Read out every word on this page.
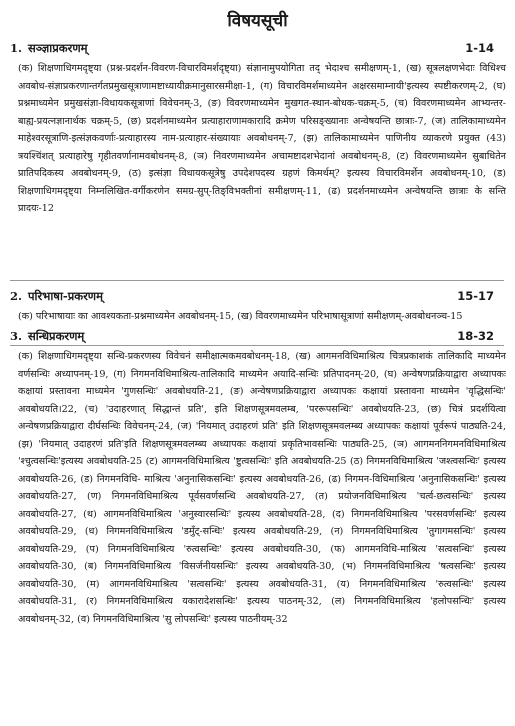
विषयसूची
1. सञ्ज्ञाप्रकरणम्	1-14
(क) शिक्षणाधिगमदृष्ट्या (प्रश्न-प्रदर्शन-विवरण-विचारविमर्शदृष्ट्या) संज्ञानामुपयोगिता तद् भेदाश्च समीक्षणम्-1, (ख) सूत्रलक्षणभेदाः विधिश्च अवबोध-संज्ञाप्रकरणान्तर्गतप्रमुखसूत्राणामष्टाध्यायीक्रमानुसारसमीक्षा-1, (ग) विचारविमर्शमाध्यमेन अक्षरसमाम्नायी'इत्यस्य स्पष्टीकरणम्-2, (घ) प्रश्नमाध्यमेन प्रमुखसंज्ञा-विधायकसूत्राणां विवेचनम्-3, (ङ) विवरणमाध्यमेन मुखगत-स्थान-बोधक-चक्रम्-5, (च) विवरणमाध्यमेन आभ्यन्तर-बाह्य-प्रयत्नज्ञानार्थक चक्रम्-5, (छ) प्रदर्शनमाध्यमेन प्रत्याहाराणामकारादि क्रमेण परिसङ्ख्यानाः अन्वेषयन्ति छात्राः-7, (ज) तालिकामाध्यमेन माहेश्वरसूत्राणि-इत्संज्ञकवर्णाः-प्रत्याहारस्य नाम-प्रत्याहार-संख्यायाः अवबोधनम्-7, (झ) तालिकामाध्यमेन पाणिनीय व्याकरणे प्रयुक्त (43) त्रयश्चिंशत् प्रत्याहारेषु गृहीतवर्णानामवबोधनम्-8, (ञ) निवरणमाध्यमेन अचामष्टादशभेदानां अवबोधनम्-8, (ट) विवरणमाध्यमेन सुबाधितेन प्रातिपदिकस्य अवबोधनम्-9, (ठ) इत्संज्ञा विधायकसूत्रेषु उपदेशपदस्य ग्रहणं किमर्थम्? इत्यस्य विचारविमर्शेन अवबोधनम्-10, (ड) शिक्षणाधिगमदृष्ट्या निम्नलिखित-वर्गीकरणेन समग्र-सुप्-तिङ्विभक्तीनां समीक्षणम्-11, (ढ) प्रदर्शनमाध्यमेन अन्वेषयन्ति छात्राः के सन्ति प्रादयः-12
2. परिभाषा-प्रकरणम्	15-17
(क) परिभाषायाः का आवश्यकता-प्रश्नमाध्यमेन अवबोधनम्-15, (ख) विवरणमाध्यमेन परिभाषासूत्राणां समीक्षणम्-अवबोधनञ्च-15
3. सन्धिप्रकरणम्	18-32
(क) शिक्षणाधिगमदृष्ट्या सन्धि-प्रकरणस्य विवेचनं समीक्षात्मकमवबोधनम्-18, (ख) आगमनविधिमाश्रित्य चित्रप्रकाशकं तालिकादि माध्यमेन वर्णसन्धिः अध्यापनम्-19, (ग) निगमनविधिमाश्रित्य-तालिकादि माध्यमेन अयादि-सन्धिः प्रतिपादनम्-20, (घ) अन्वेषणप्रक्रियाद्वारा अध्यापकः कक्षायां प्रस्तावना माध्यमेन 'गुणसन्धिः' अवबोधयति-21, (ङ) अन्वेषणप्रक्रियाद्वारा अध्यापकः कक्षायां प्रस्तावना माध्यमेन 'वृद्धिसन्धिः' अवबोधयति।22, (च) 'उदाहरणात् सिद्धान्तं प्रति', इति शिक्षणसूत्रमवलम्ब, 'पररूपसन्धिः' अवबोधयति-23, (छ) चित्रं प्रदर्शयित्वा अन्वेषणप्रक्रियाद्वारा दीर्घसन्धिः विवेचनम्-24, (ज) 'नियमात् उदाहरणं प्रति' इति शिक्षणसूत्रमवलम्ब्य अध्यापकः कक्षायां पूर्वरूपं पाठ्यति-24, (झ) 'नियमात् उदाहरणं प्रति'इति शिक्षणसूत्रमवलम्ब्य अध्यापकः कक्षायां प्रकृतिभावसन्धिः पाठ्यति-25, (ञ) आगमननिगमनविधिमाश्रित्य 'श्चुत्वसन्धिः'इत्यस्य अवबोधयति-25 (ट) आगमनविधिमाश्रित्य 'ष्टुत्वसन्धिः' इति अवबोधयति-25 (ठ) निगमनविधिमाश्रित्य 'जश्त्वसन्धिः' इत्यस्य अवबोधयति-26, (ड) निगमनविधि- माश्रित्य 'अनुनासिकसन्धिः' इत्यस्य अवबोधयति-26, (ढ) निगमन-विधिमाश्रित्य 'अनुनासिकसन्धिः' इत्यस्य अवबोधयति-27, (ण) निगमनविधिमाश्रित्य पूर्वसवर्णसन्धि अवबोधयति-27, (त) प्रयोजनविधिमाश्रित्य 'चर्त्व-छत्वसन्धिः' इत्यस्य अवबोधयति-27, (थ) आगमनविधिमाश्रित्य 'अनुस्वारसन्धिः' इत्यस्य अवबोधयति-28, (द) निगमनविधिमाश्रित्य 'परसवर्णसन्धिः' इत्यस्य अवबोधयति-29, (ध) निगमनविधिमाश्रित्य 'डमुँट्-सन्धिः' इत्यस्य अवबोधयति-29, (न) निगमनविधिमाश्रित्य 'तुगागमसन्धिः' इत्यस्य अवबोधयति-29, (प) निगमनविधिमाश्रित्य 'रुत्वसन्धिः' इत्यस्य अवबोधयति-30, (फ) आगमनविधि-माश्रित्य 'सत्वसन्धिः' इत्यस्य अवबोधयति-30, (ब) निगमनविधिमाश्रित्य 'विसर्जनीयसन्धिः' इत्यस्य अवबोधयति-30, (भ) निगमनविधिमाश्रित्य 'षत्वसन्धिः' इत्यस्य अवबोधयति-30, (म) आगमनविधिमाश्रित्य 'सत्वसन्धिः' इत्यस्य अवबोधयति-31, (य) निगमनविधिमाश्रित्य 'रुत्वसन्धिः' इत्यस्य अवबोधयति-31, (र) निगमनविधिमाश्रित्य यकारादेशसन्धिः' इत्यस्य पाठनम्-32, (ल) निगमनविधिमाश्रित्य 'हलोपसन्धिः' इत्यस्य अवबोधनम्-32, (व) निगमनविधिमाश्रित्य 'सु लोपसन्धिः' इत्यस्य पाठनीयम्-32
